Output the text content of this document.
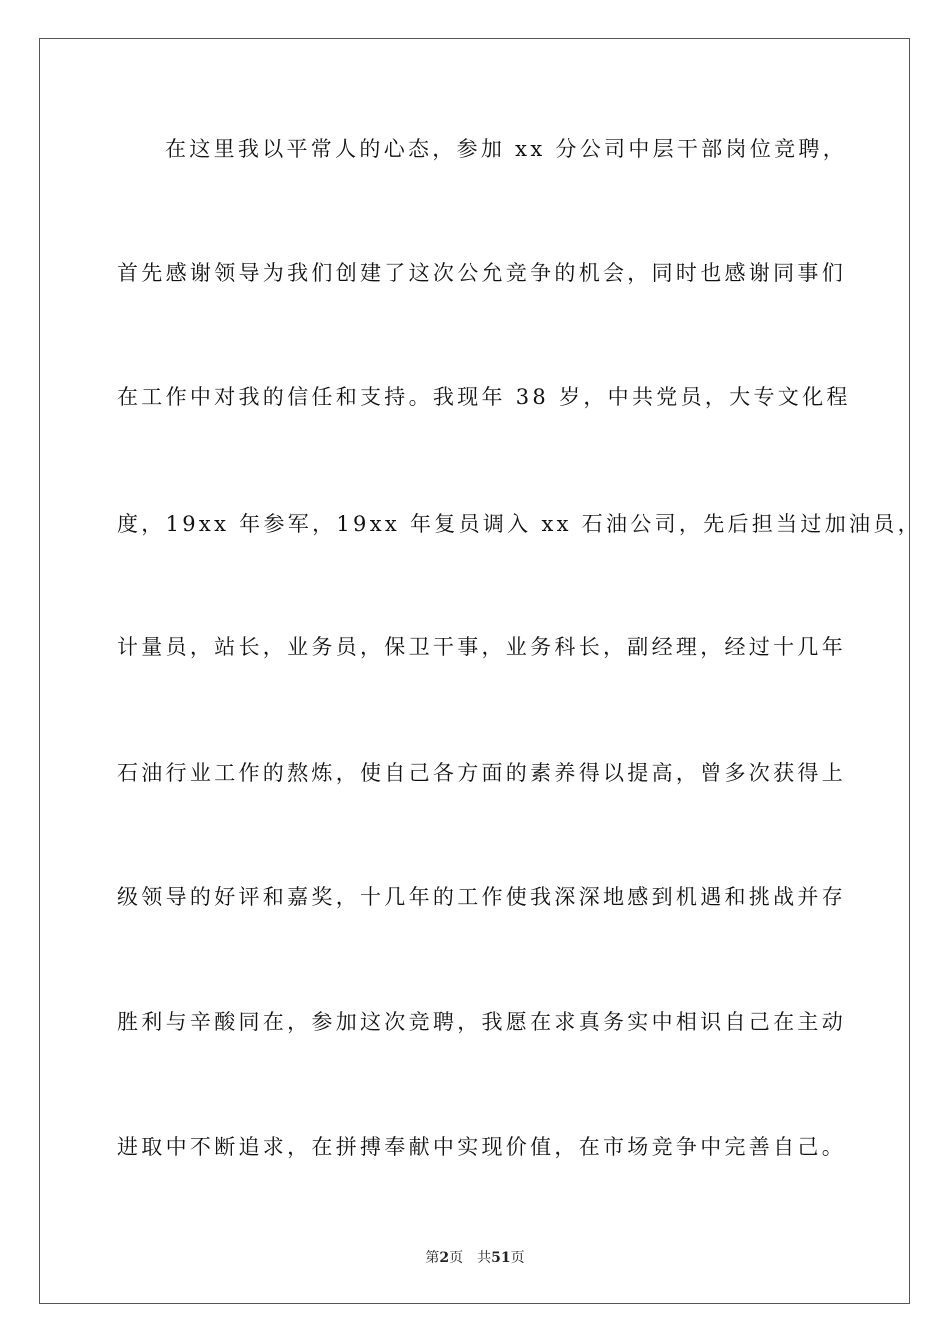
在这里我以平常人的心态，参加 xx 分公司中层干部岗位竞聘，
首先感谢领导为我们创建了这次公允竞争的机会，同时也感谢同事们
在工作中对我的信任和支持。我现年 38 岁，中共党员，大专文化程
度，19xx 年参军，19xx 年复员调入 xx 石油公司，先后担当过加油员，
计量员，站长，业务员，保卫干事，业务科长，副经理，经过十几年
石油行业工作的熬炼，使自己各方面的素养得以提高，曾多次获得上
级领导的好评和嘉奖，十几年的工作使我深深地感到机遇和挑战并存
胜利与辛酸同在，参加这次竞聘，我愿在求真务实中相识自己在主动
进取中不断追求，在拼搏奉献中实现价值，在市场竞争中完善自己。
第2页 共51页
